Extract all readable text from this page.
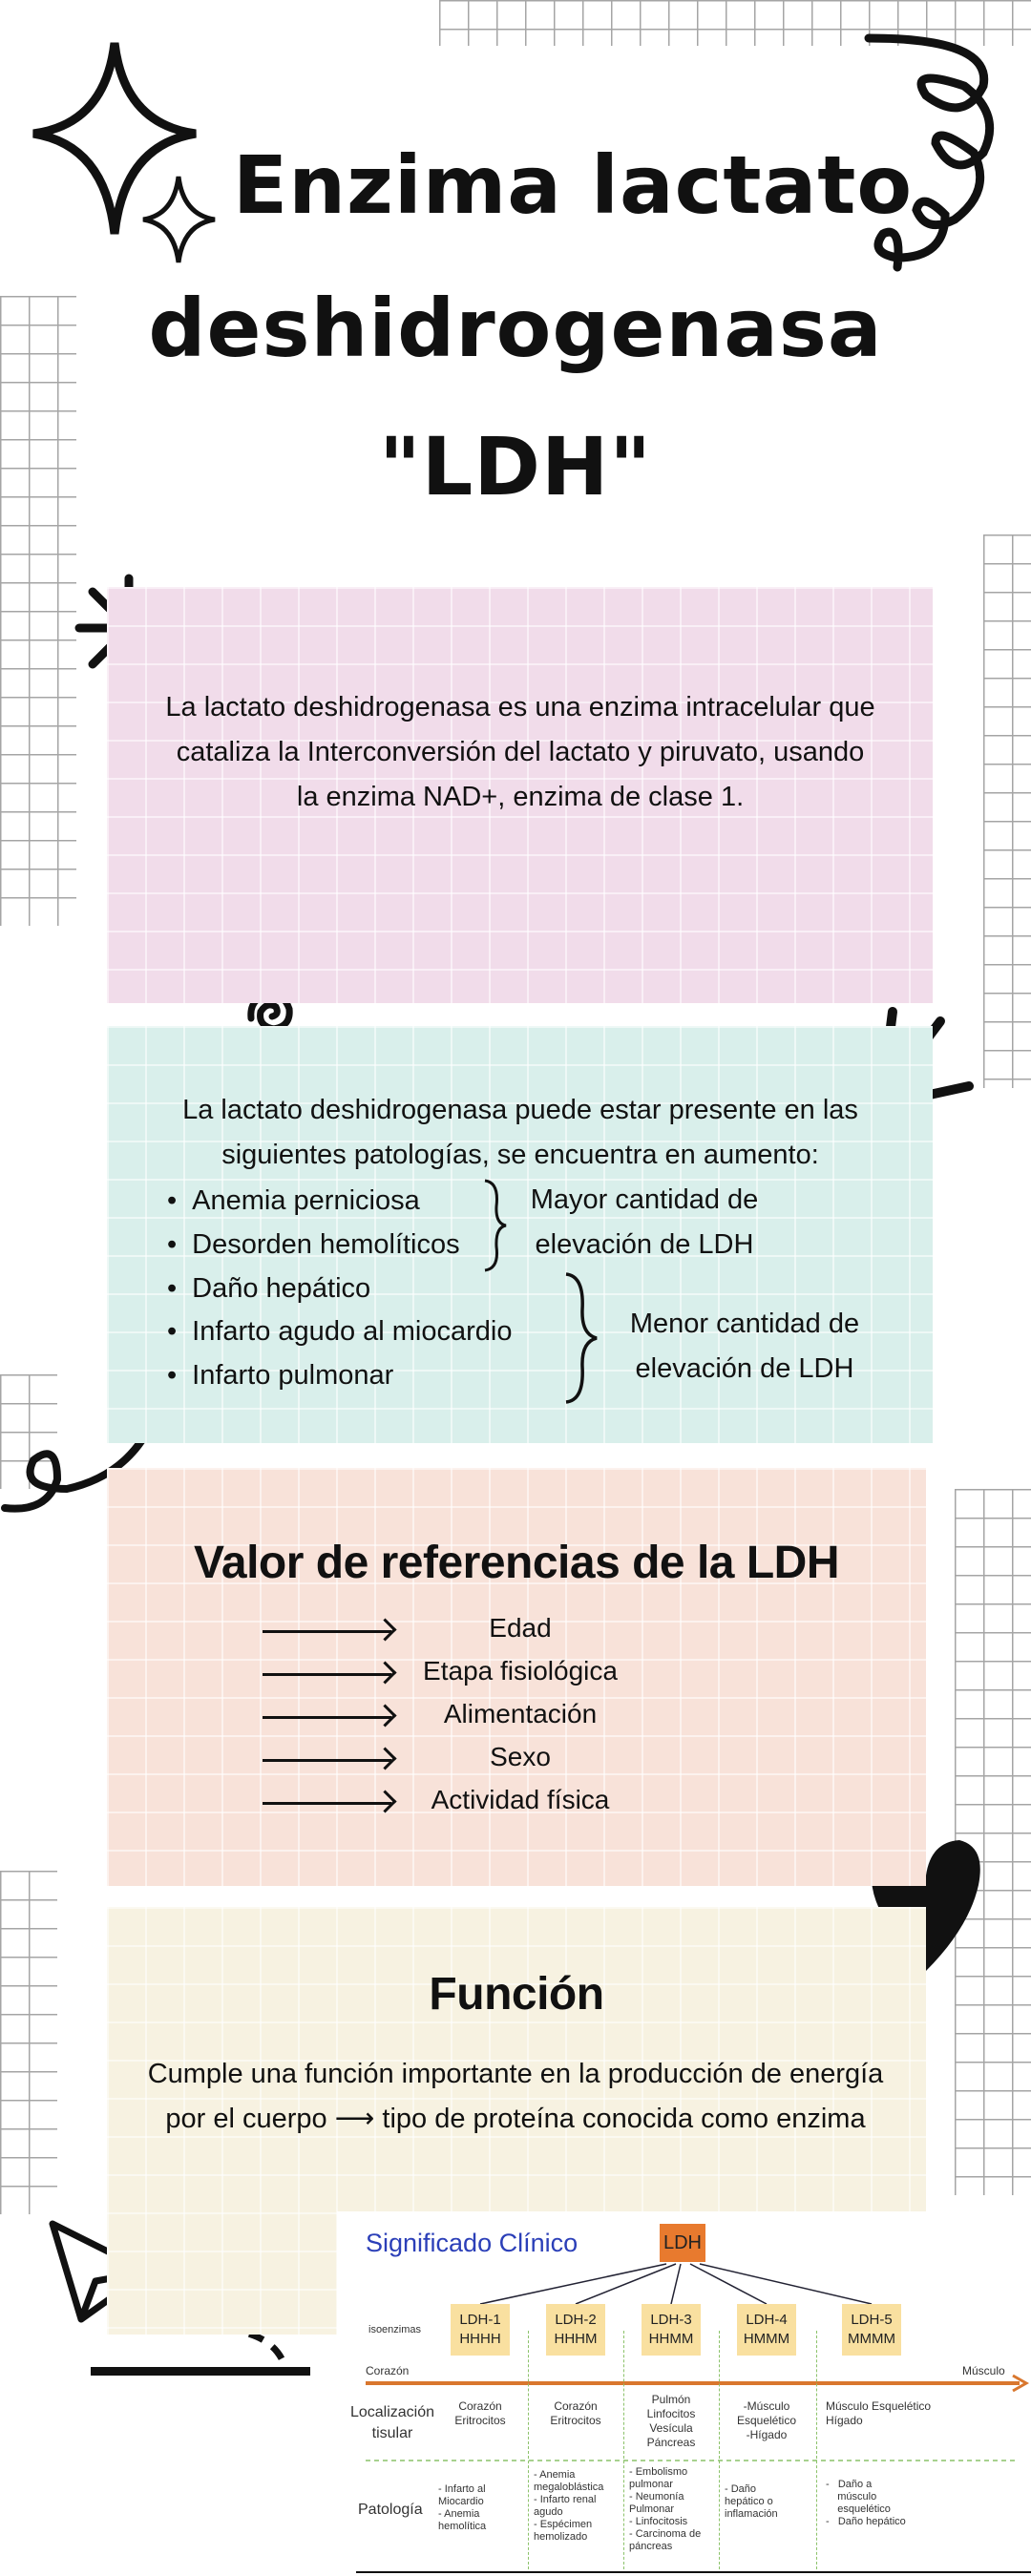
Enzima lactato
deshidrogenasa
"LDH"
La lactato deshidrogenasa es una enzima intracelular que cataliza la Interconversión del lactato y piruvato, usando la enzima NAD+, enzima de clase 1.
La lactato deshidrogenasa puede estar presente en las siguientes patologías, se encuentra en aumento:
• Anemia perniciosa
• Desorden hemolíticos
• Daño hepático
• Infarto agudo al miocardio
• Infarto pulmonar
Mayor cantidad de elevación de LDH
Menor cantidad de elevación de LDH
Valor de referencias de la LDH
Edad
Etapa fisiológica
Alimentación
Sexo
Actividad física
Función
Cumple una función importante en la producción de energía por el cuerpo ⟶ tipo de proteína conocida como enzima
Significado Clínico	LDH
isoenzimas
Corazón	Músculo
Localización tisular
Patología
LDH-1
HHHH
Corazón
Eritrocitos
- Infarto al
Miocardio
- Anemia
hemolítica
LDH-2
HHHM
Corazón
Eritrocitos
- Anemia
megaloblástica
- Infarto renal
agudo
- Espécimen
hemolizado
LDH-3
HHMM
Pulmón
Linfocitos
Vesícula
Páncreas
- Embolismo
pulmonar
- Neumonía
Pulmonar
- Linfocitosis
- Carcinoma de
páncreas
LDH-4
HMMM
-Músculo
Esquelético
-Hígado
- Daño
hepático o
inflamación
LDH-5
MMMM
Músculo Esquelético
Hígado
-   Daño a
músculo
esquelético
-   Daño hepático
